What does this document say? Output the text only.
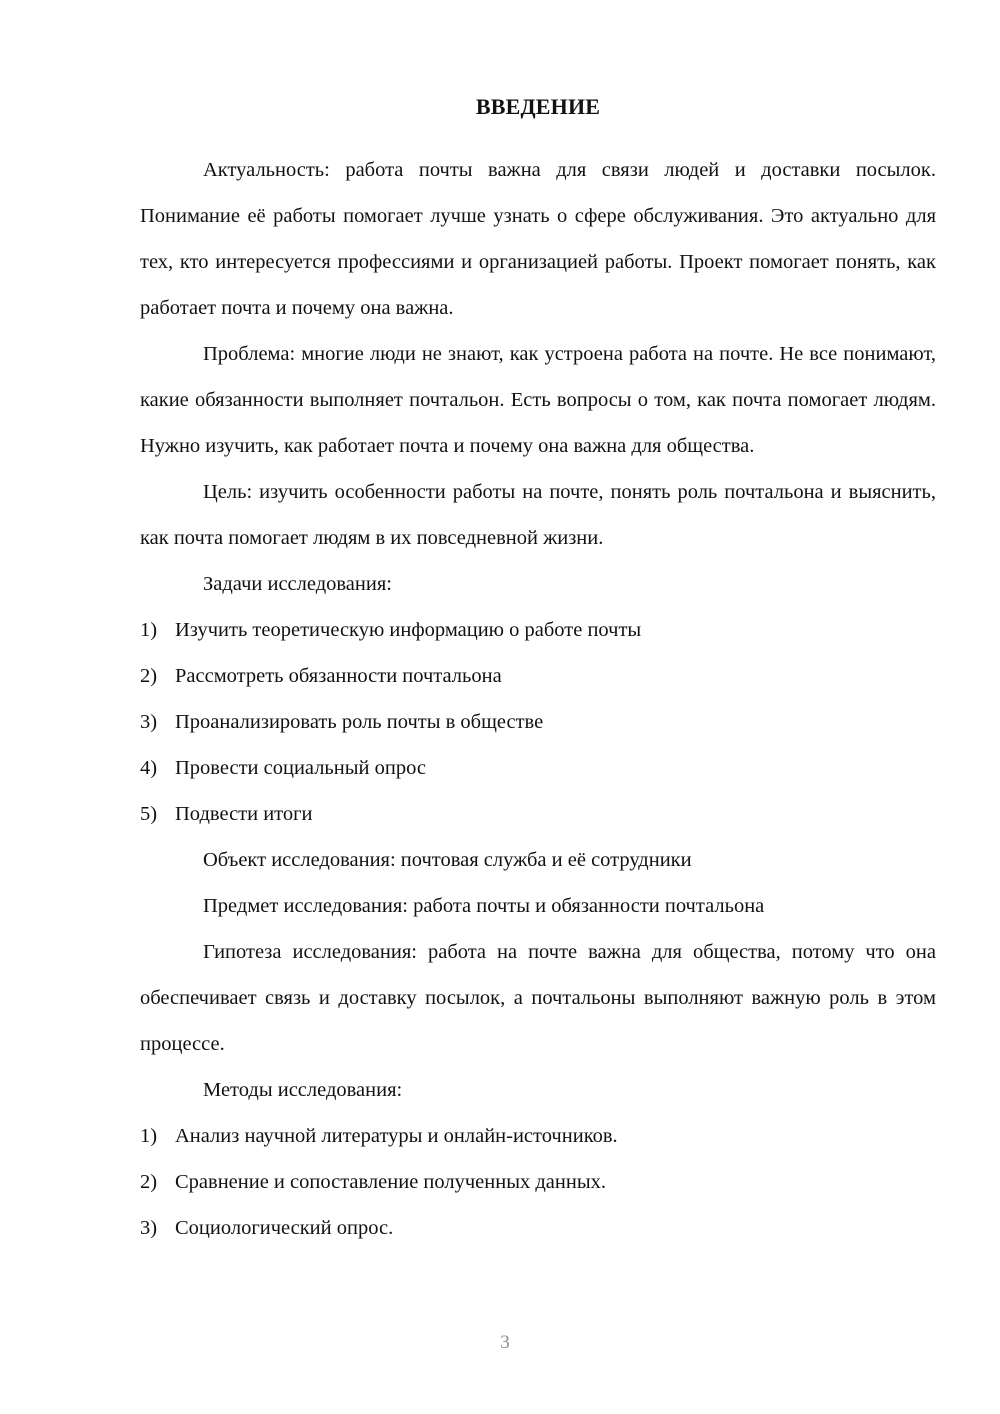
ВВЕДЕНИЕ

Актуальность: работа почты важна для связи людей и доставки посылок. Понимание её работы помогает лучше узнать о сфере обслуживания. Это актуально для тех, кто интересуется профессиями и организацией работы. Проект помогает понять, как работает почта и почему она важна.

Проблема: многие люди не знают, как устроена работа на почте. Не все понимают, какие обязанности выполняет почтальон. Есть вопросы о том, как почта помогает людям. Нужно изучить, как работает почта и почему она важна для общества.

Цель: изучить особенности работы на почте, понять роль почтальона и выяснить, как почта помогает людям в их повседневной жизни.

Задачи исследования:

1) Изучить теоретическую информацию о работе почты
2) Рассмотреть обязанности почтальона
3) Проанализировать роль почты в обществе
4) Провести социальный опрос
5) Подвести итоги

Объект исследования: почтовая служба и её сотрудники

Предмет исследования: работа почты и обязанности почтальона

Гипотеза исследования: работа на почте важна для общества, потому что она обеспечивает связь и доставку посылок, а почтальоны выполняют важную роль в этом процессе.

Методы исследования:

1) Анализ научной литературы и онлайн-источников.
2) Сравнение и сопоставление полученных данных.
3) Социологический опрос.
3
